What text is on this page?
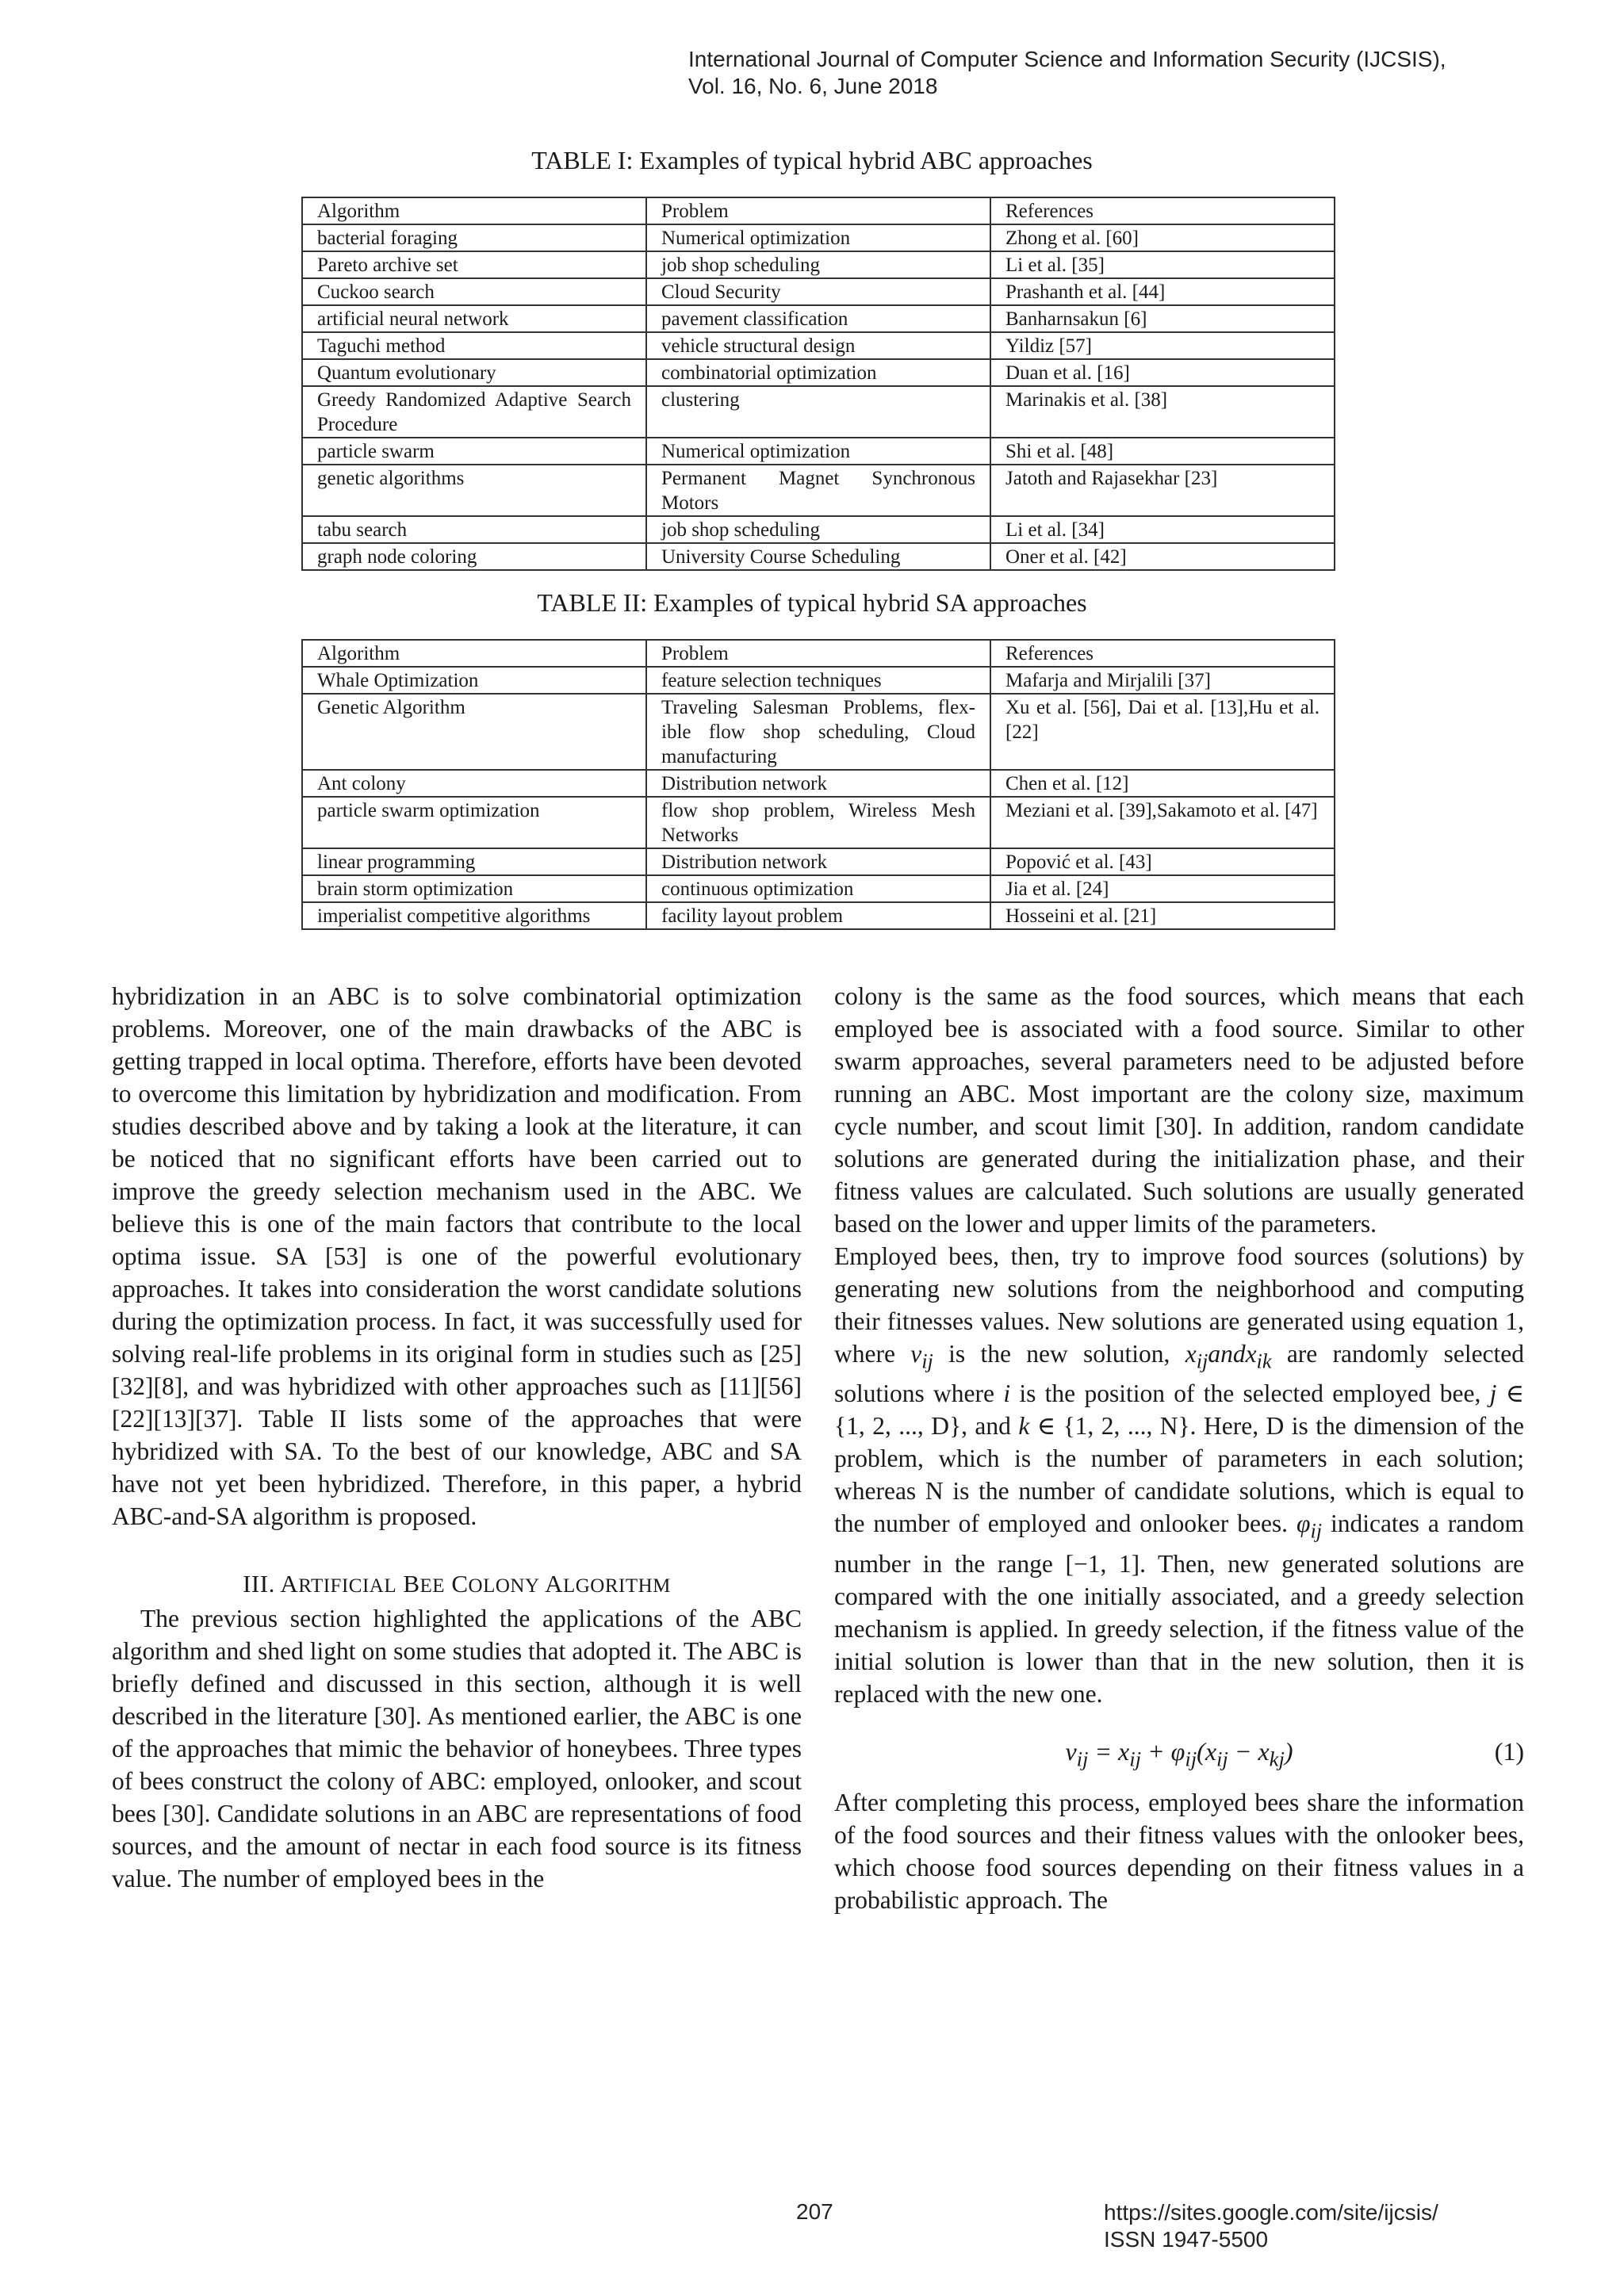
International Journal of Computer Science and Information Security (IJCSIS),
Vol. 16, No. 6, June 2018
TABLE I: Examples of typical hybrid ABC approaches
Algorithm	Problem	References
bacterial foraging	Numerical optimization	Zhong et al. [60]
Pareto archive set	job shop scheduling	Li et al. [35]
Cuckoo search	Cloud Security	Prashanth et al. [44]
artificial neural network	pavement classification	Banharnsakun [6]
Taguchi method	vehicle structural design	Yildiz [57]
Quantum evolutionary	combinatorial optimization	Duan et al. [16]
Greedy Randomized Adaptive Search Procedure	clustering	Marinakis et al. [38]
particle swarm	Numerical optimization	Shi et al. [48]
genetic algorithms	Permanent Magnet Synchronous Motors	Jatoth and Rajasekhar [23]
tabu search	job shop scheduling	Li et al. [34]
graph node coloring	University Course Scheduling	Oner et al. [42]
TABLE II: Examples of typical hybrid SA approaches
Algorithm	Problem	References
Whale Optimization	feature selection techniques	Mafarja and Mirjalili [37]
Genetic Algorithm	Traveling Salesman Problems, flex-ible flow shop scheduling, Cloud manufacturing	Xu et al. [56], Dai et al. [13],Hu et al. [22]
Ant colony	Distribution network	Chen et al. [12]
particle swarm optimization	flow shop problem, Wireless Mesh Networks	Meziani et al. [39],Sakamoto et al. [47]
linear programming	Distribution network	Popović et al. [43]
brain storm optimization	continuous optimization	Jia et al. [24]
imperialist competitive algorithms	facility layout problem	Hosseini et al. [21]

hybridization in an ABC is to solve combinatorial optimization problems. Moreover, one of the main drawbacks of the ABC is getting trapped in local optima. Therefore, efforts have been devoted to overcome this limitation by hybridization and modification. From studies described above and by taking a look at the literature, it can be noticed that no significant efforts have been carried out to improve the greedy selection mechanism used in the ABC. We believe this is one of the main factors that contribute to the local optima issue. SA [53] is one of the powerful evolutionary approaches. It takes into consideration the worst candidate solutions during the optimization process. In fact, it was successfully used for solving real-life problems in its original form in studies such as [25][32][8], and was hybridized with other approaches such as [11][56][22][13][37]. Table II lists some of the approaches that were hybridized with SA. To the best of our knowledge, ABC and SA have not yet been hybridized. Therefore, in this paper, a hybrid ABC-and-SA algorithm is proposed.

III. ARTIFICIAL BEE COLONY ALGORITHM

The previous section highlighted the applications of the ABC algorithm and shed light on some studies that adopted it. The ABC is briefly defined and discussed in this section, although it is well described in the literature [30]. As mentioned earlier, the ABC is one of the approaches that mimic the behavior of honeybees. Three types of bees construct the colony of ABC: employed, onlooker, and scout bees [30]. Candidate solutions in an ABC are representations of food sources, and the amount of nectar in each food source is its fitness value. The number of employed bees in the

colony is the same as the food sources, which means that each employed bee is associated with a food source. Similar to other swarm approaches, several parameters need to be adjusted before running an ABC. Most important are the colony size, maximum cycle number, and scout limit [30]. In addition, random candidate solutions are generated during the initialization phase, and their fitness values are calculated. Such solutions are usually generated based on the lower and upper limits of the parameters.

Employed bees, then, try to improve food sources (solutions) by generating new solutions from the neighborhood and computing their fitnesses values. New solutions are generated using equation 1, where $v_{ij}$ is the new solution, $x_{ij}andx_{ik}$ are randomly selected solutions where i is the position of the selected employed bee, j ∈ {1, 2, ..., D}, and k ∈ {1, 2, ..., N}. Here, D is the dimension of the problem, which is the number of parameters in each solution; whereas N is the number of candidate solutions, which is equal to the number of employed and onlooker bees. $\varphi_{ij}$ indicates a random number in the range [−1, 1]. Then, new generated solutions are compared with the one initially associated, and a greedy selection mechanism is applied. In greedy selection, if the fitness value of the initial solution is lower than that in the new solution, then it is replaced with the new one.

$v_{ij} = x_{ij} + \varphi_{ij}(x_{ij} - x_{kj})$	(1)

After completing this process, employed bees share the information of the food sources and their fitness values with the onlooker bees, which choose food sources depending on their fitness values in a probabilistic approach. The

207	https://sites.google.com/site/ijcsis/
ISSN 1947-5500
